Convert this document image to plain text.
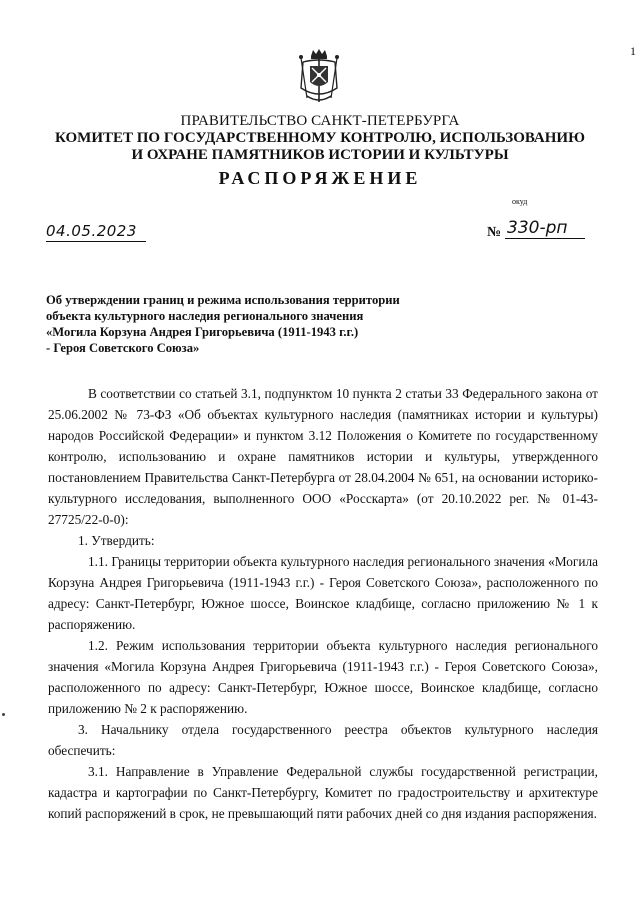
1
ПРАВИТЕЛЬСТВО САНКТ-ПЕТЕРБУРГА
КОМИТЕТ ПО ГОСУДАРСТВЕННОМУ КОНТРОЛЮ, ИСПОЛЬЗОВАНИЮ
И ОХРАНЕ ПАМЯТНИКОВ ИСТОРИИ И КУЛЬТУРЫ
РАСПОРЯЖЕНИЕ
окуд
04.05.2023	№ 330-рп
Об утверждении границ и режима использования территории
объекта культурного наследия регионального значения
«Могила Корзуна Андрея Григорьевича (1911-1943 г.г.)
- Героя Советского Союза»

В соответствии со статьей 3.1, подпунктом 10 пункта 2 статьи 33 Федерального закона от 25.06.2002 № 73-ФЗ «Об объектах культурного наследия (памятниках истории и культуры) народов Российской Федерации» и пунктом 3.12 Положения о Комитете по государственному контролю, использованию и охране памятников истории и культуры, утвержденного постановлением Правительства Санкт-Петербурга от 28.04.2004 № 651, на основании историко-культурного исследования, выполненного ООО «Росскарта» (от 20.10.2022 рег. № 01-43-27725/22-0-0):

1. Утвердить:

1.1. Границы территории объекта культурного наследия регионального значения «Могила Корзуна Андрея Григорьевича (1911-1943 г.г.) - Героя Советского Союза», расположенного по адресу: Санкт-Петербург, Южное шоссе, Воинское кладбище, согласно приложению № 1 к распоряжению.

1.2. Режим использования территории объекта культурного наследия регионального значения «Могила Корзуна Андрея Григорьевича (1911-1943 г.г.) - Героя Советского Союза», расположенного по адресу: Санкт-Петербург, Южное шоссе, Воинское кладбище, согласно приложению № 2 к распоряжению.

3. Начальнику отдела государственного реестра объектов культурного наследия обеспечить:

3.1. Направление в Управление Федеральной службы государственной регистрации, кадастра и картографии по Санкт-Петербургу, Комитет по градостроительству и архитектуре копий распоряжений в срок, не превышающий пяти рабочих дней со дня издания распоряжения.
